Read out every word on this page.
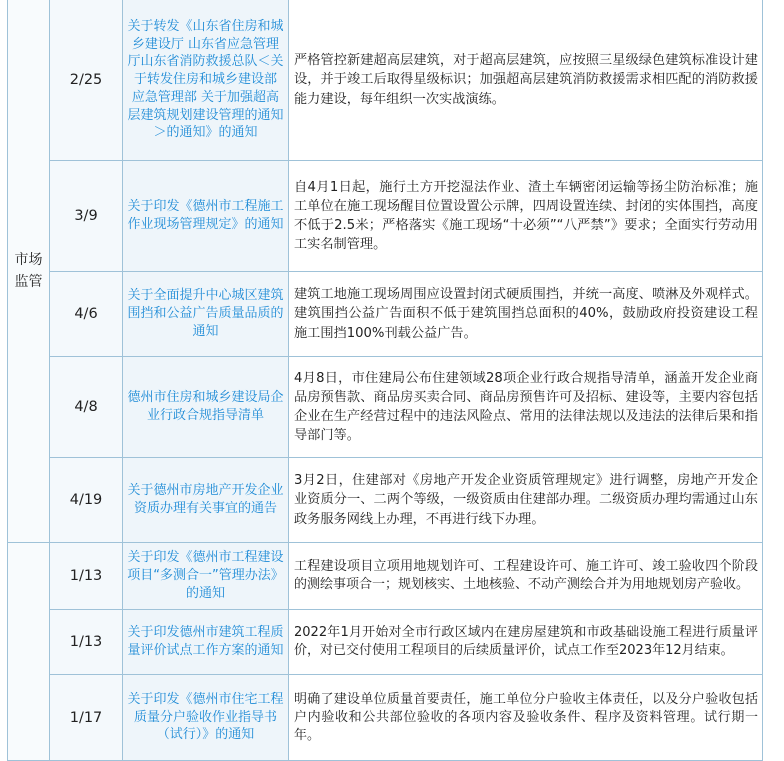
市场监管	2/25	关于转发《山东省住房和城乡建设厅 山东省应急管理厅山东省消防救援总队＜关于转发住房和城乡建设部 应急管理部 关于加强超高层建筑规划建设管理的通知＞的通知》的通知	严格管控新建超高层建筑，对于超高层建筑，应按照三星级绿色建筑标准设计建设，并于竣工后取得星级标识；加强超高层建筑消防救援需求相匹配的消防救援能力建设，每年组织一次实战演练。
	3/9	关于印发《德州市工程施工作业现场管理规定》的通知	自4月1日起，施行土方开挖湿法作业、渣土车辆密闭运输等扬尘防治标准；施工单位在施工现场醒目位置设置公示牌，四周设置连续、封闭的实体围挡，高度不低于2.5米；严格落实《施工现场“十必须”“八严禁”》要求；全面实行劳动用工实名制管理。
	4/6	关于全面提升中心城区建筑围挡和公益广告质量品质的通知	建筑工地施工现场周围应设置封闭式硬质围挡，并统一高度、喷淋及外观样式。建筑围挡公益广告面积不低于建筑围挡总面积的40%，鼓励政府投资建设工程施工围挡100%刊载公益广告。
	4/8	德州市住房和城乡建设局企业行政合规指导清单	4月8日，市住建局公布住建领域28项企业行政合规指导清单，涵盖开发企业商品房预售款、商品房买卖合同、商品房预售许可及招标、建设等，主要内容包括企业在生产经营过程中的违法风险点、常用的法律法规以及违法的法律后果和指导部门等。
	4/19	关于德州市房地产开发企业资质办理有关事宜的通告	3月2日，住建部对《房地产开发企业资质管理规定》进行调整，房地产开发企业资质分一、二两个等级，一级资质由住建部办理。二级资质办理均需通过山东政务服务网线上办理，不再进行线下办理。
	1/13	关于印发《德州市工程建设项目“多测合一”管理办法》的通知	工程建设项目立项用地规划许可、工程建设许可、施工许可、竣工验收四个阶段的测绘事项合一；规划核实、土地核验、不动产测绘合并为用地规划房产验收。
	1/13	关于印发德州市建筑工程质量评价试点工作方案的通知	2022年1月开始对全市行政区域内在建房屋建筑和市政基础设施工程进行质量评价，对已交付使用工程项目的后续质量评价，试点工作至2023年12月结束。
	1/17	关于印发《德州市住宅工程质量分户验收作业指导书（试行）》的通知	明确了建设单位质量首要责任，施工单位分户验收主体责任，以及分户验收包括户内验收和公共部位验收的各项内容及验收条件、程序及资料管理。试行期一年。
